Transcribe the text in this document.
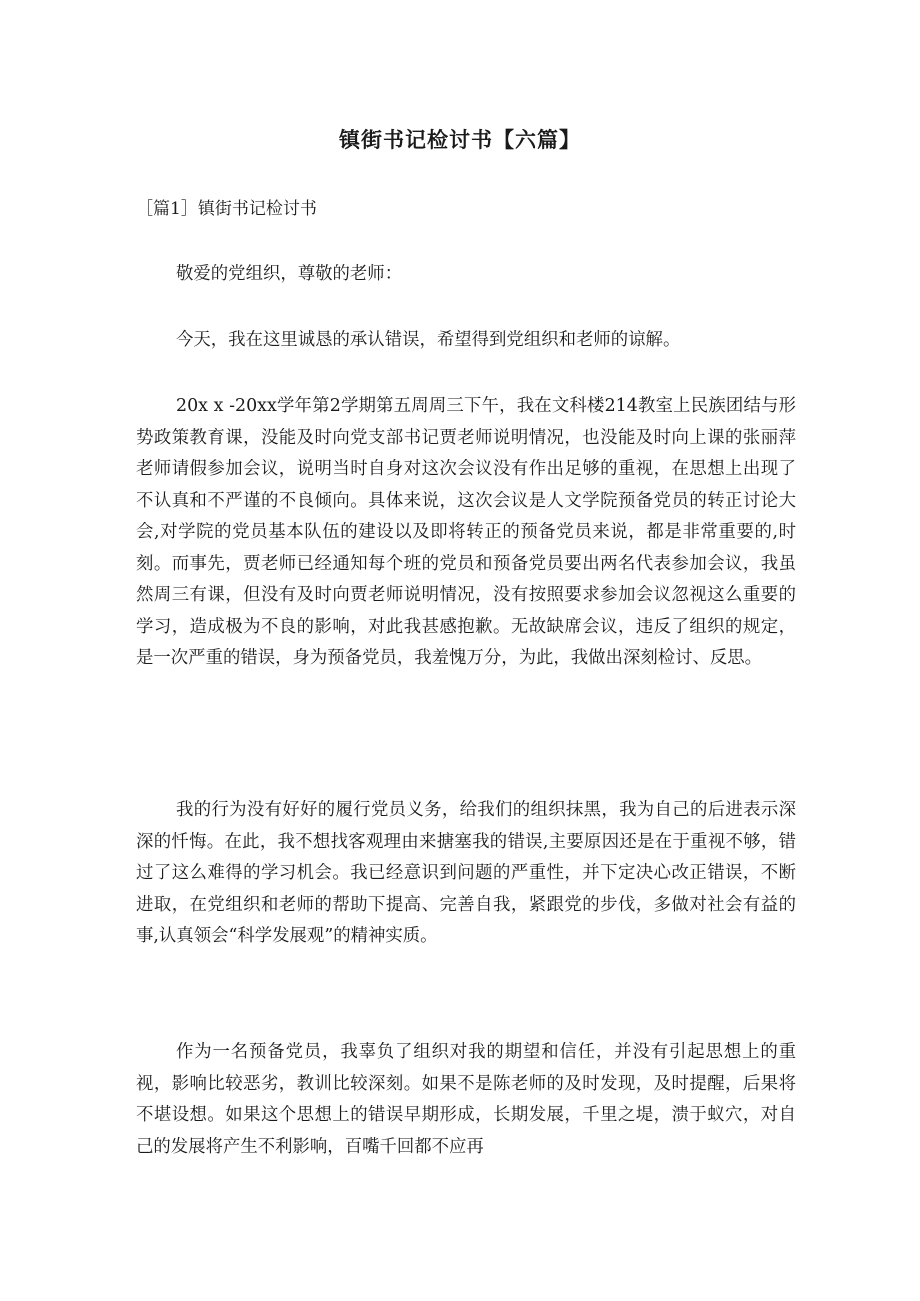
镇街书记检讨书【六篇】
［篇1］镇街书记检讨书

敬爱的党组织，尊敬的老师：

今天，我在这里诚恳的承认错误，希望得到党组织和老师的谅解。

20x x -20xx学年第2学期第五周周三下午，我在文科楼214教室上民族团结与形势政策教育课，没能及时向党支部书记贾老师说明情况，也没能及时向上课的张丽萍老师请假参加会议，说明当时自身对这次会议没有作出足够的重视，在思想上出现了不认真和不严谨的不良倾向。具体来说，这次会议是人文学院预备党员的转正讨论大会,对学院的党员基本队伍的建设以及即将转正的预备党员来说，都是非常重要的,时刻。而事先，贾老师已经通知每个班的党员和预备党员要出两名代表参加会议，我虽然周三有课，但没有及时向贾老师说明情况，没有按照要求参加会议忽视这么重要的学习，造成极为不良的影响，对此我甚感抱歉。无故缺席会议，违反了组织的规定，是一次严重的错误，身为预备党员，我羞愧万分，为此，我做出深刻检讨、反思。

我的行为没有好好的履行党员义务，给我们的组织抹黑，我为自己的后进表示深深的忏悔。在此，我不想找客观理由来搪塞我的错误,主要原因还是在于重视不够，错过了这么难得的学习机会。我已经意识到问题的严重性，并下定决心改正错误，不断进取，在党组织和老师的帮助下提高、完善自我，紧跟党的步伐，多做对社会有益的事,认真领会“科学发展观”的精神实质。

作为一名预备党员，我辜负了组织对我的期望和信任，并没有引起思想上的重视，影响比较恶劣，教训比较深刻。如果不是陈老师的及时发现，及时提醒，后果将不堪设想。如果这个思想上的错误早期形成，长期发展，千里之堤，溃于蚁穴，对自己的发展将产生不利影响，百嘴千回都不应再
